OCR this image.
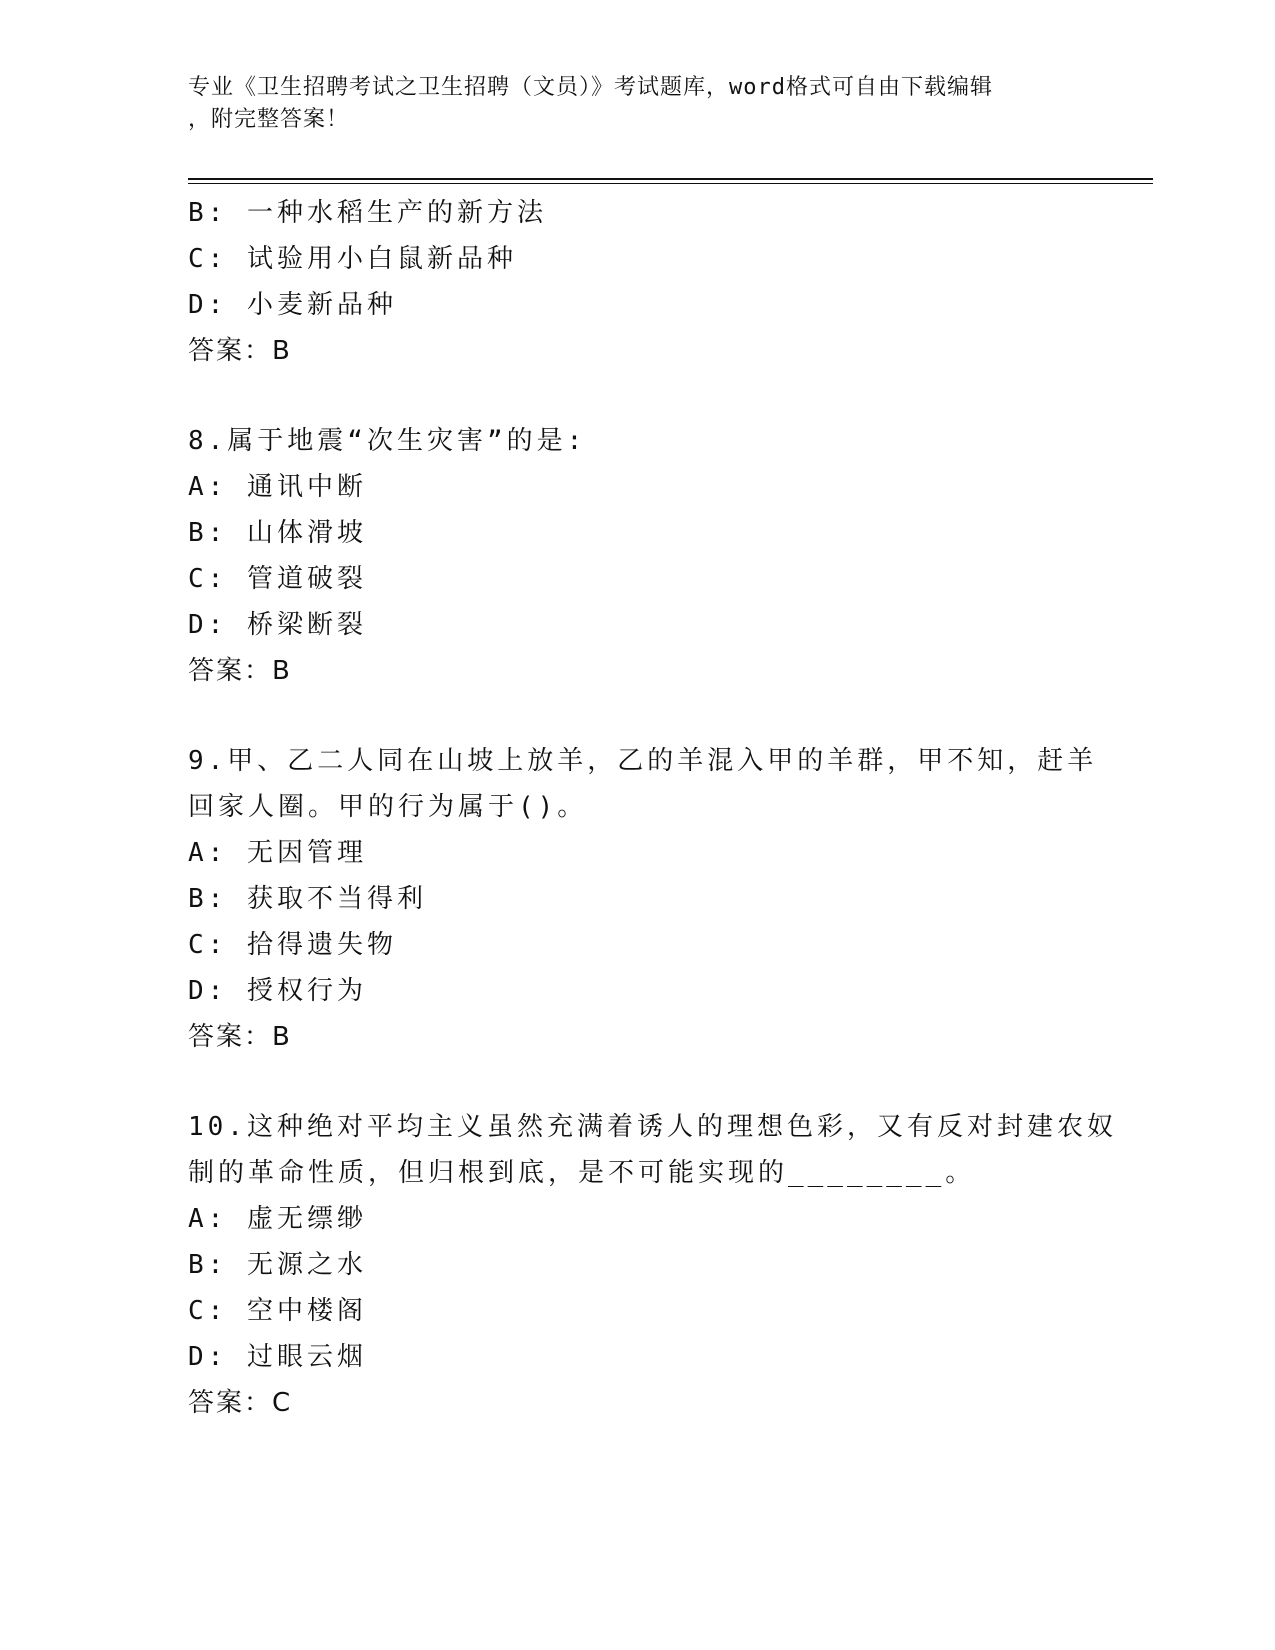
专业《卫生招聘考试之卫生招聘（文员）》考试题库，word格式可自由下载编辑
，附完整答案！
B: 一种水稻生产的新方法
C: 试验用小白鼠新品种
D: 小麦新品种
答案：B
8.属于地震“次生灾害”的是:
A: 通讯中断
B: 山体滑坡
C: 管道破裂
D: 桥梁断裂
答案：B
9.甲、乙二人同在山坡上放羊，乙的羊混入甲的羊群，甲不知，赶羊
回家人圈。甲的行为属于()。
A: 无因管理
B: 获取不当得利
C: 拾得遗失物
D: 授权行为
答案：B
10.这种绝对平均主义虽然充满着诱人的理想色彩，又有反对封建农奴
制的革命性质，但归根到底，是不可能实现的________。
A: 虚无缥缈
B: 无源之水
C: 空中楼阁
D: 过眼云烟
答案：C
